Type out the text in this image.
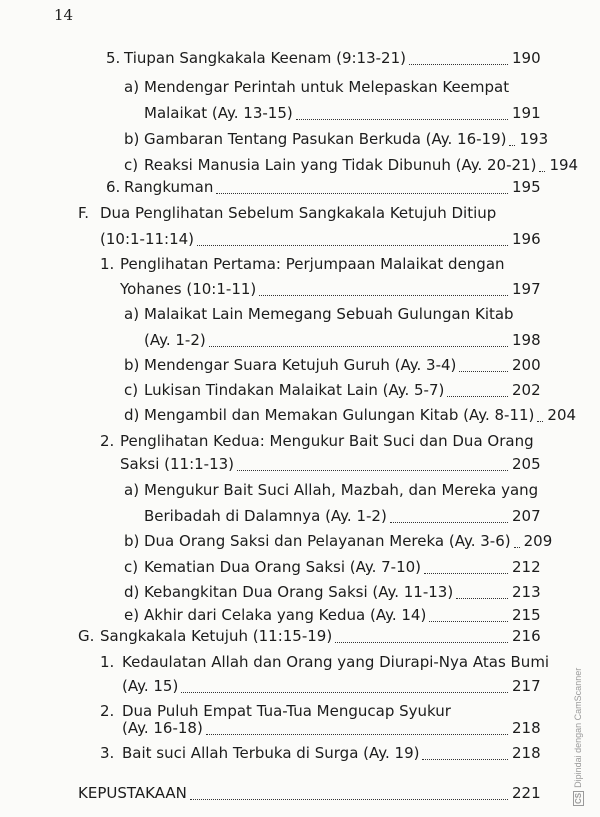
14
5. Tiupan Sangkakala Keenam (9:13-21)	190
a) Mendengar Perintah untuk Melepaskan Keempat
Malaikat (Ay. 13-15)	191
b) Gambaran Tentang Pasukan Berkuda (Ay. 16-19) 193
c) Reaksi Manusia Lain yang Tidak Dibunuh (Ay. 20-21) 194
6. Rangkuman	195
F. Dua Penglihatan Sebelum Sangkakala Ketujuh Ditiup
(10:1-11:14)	196
1. Penglihatan Pertama: Perjumpaan Malaikat dengan
Yohanes (10:1-11)	197
a) Malaikat Lain Memegang Sebuah Gulungan Kitab
(Ay. 1-2)	198
b) Mendengar Suara Ketujuh Guruh (Ay. 3-4)	200
c) Lukisan Tindakan Malaikat Lain (Ay. 5-7)	202
d) Mengambil dan Memakan Gulungan Kitab (Ay. 8-11) 204
2. Penglihatan Kedua: Mengukur Bait Suci dan Dua Orang
Saksi (11:1-13)	205
a) Mengukur Bait Suci Allah, Mazbah, dan Mereka yang
Beribadah di Dalamnya (Ay. 1-2)	207
b) Dua Orang Saksi dan Pelayanan Mereka (Ay. 3-6) 209
c) Kematian Dua Orang Saksi (Ay. 7-10)	212
d) Kebangkitan Dua Orang Saksi (Ay. 11-13)	213
e) Akhir dari Celaka yang Kedua (Ay. 14)	215
G. Sangkakala Ketujuh (11:15-19)	216
1. Kedaulatan Allah dan Orang yang Diurapi-Nya Atas Bumi
(Ay. 15)	217
2. Dua Puluh Empat Tua-Tua Mengucap Syukur
(Ay. 16-18)	218
3. Bait suci Allah Terbuka di Surga (Ay. 19)	218
KEPUSTAKAAN	221	CSDipindai dengan CamScanner
